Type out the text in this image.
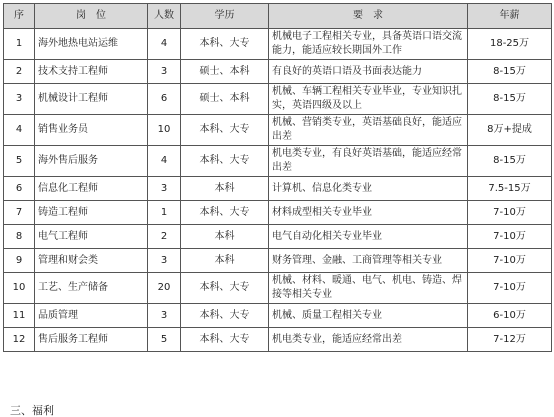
序	岗　位	人数	学历	要　求	年薪
1	海外地热电站运维	4	本科、大专	机械电子工程相关专业，具备英语口语交流能力，能适应较长期国外工作	18-25万
2	技术支持工程师	3	硕士、本科	有良好的英语口语及书面表达能力	8-15万
3	机械设计工程师	6	硕士、本科	机械、车辆工程相关专业毕业，专业知识扎实，英语四级及以上	8-15万
4	销售业务员	10	本科、大专	机械、营销类专业，英语基础良好，能适应出差	8万+提成
5	海外售后服务	4	本科、大专	机电类专业，有良好英语基础，能适应经常出差	8-15万
6	信息化工程师	3	本科	计算机、信息化类专业	7.5-15万
7	铸造工程师	1	本科、大专	材料成型相关专业毕业	7-10万
8	电气工程师	2	本科	电气自动化相关专业毕业	7-10万
9	管理和财会类	3	本科	财务管理、金融、工商管理等相关专业	7-10万
10	工艺、生产储备	20	本科、大专	机械、材料、暖通、电气、机电、铸造、焊接等相关专业	7-10万
11	品质管理	3	本科、大专	机械、质量工程相关专业	6-10万
12	售后服务工程师	5	本科、大专	机电类专业，能适应经常出差	7-12万
三、福利
